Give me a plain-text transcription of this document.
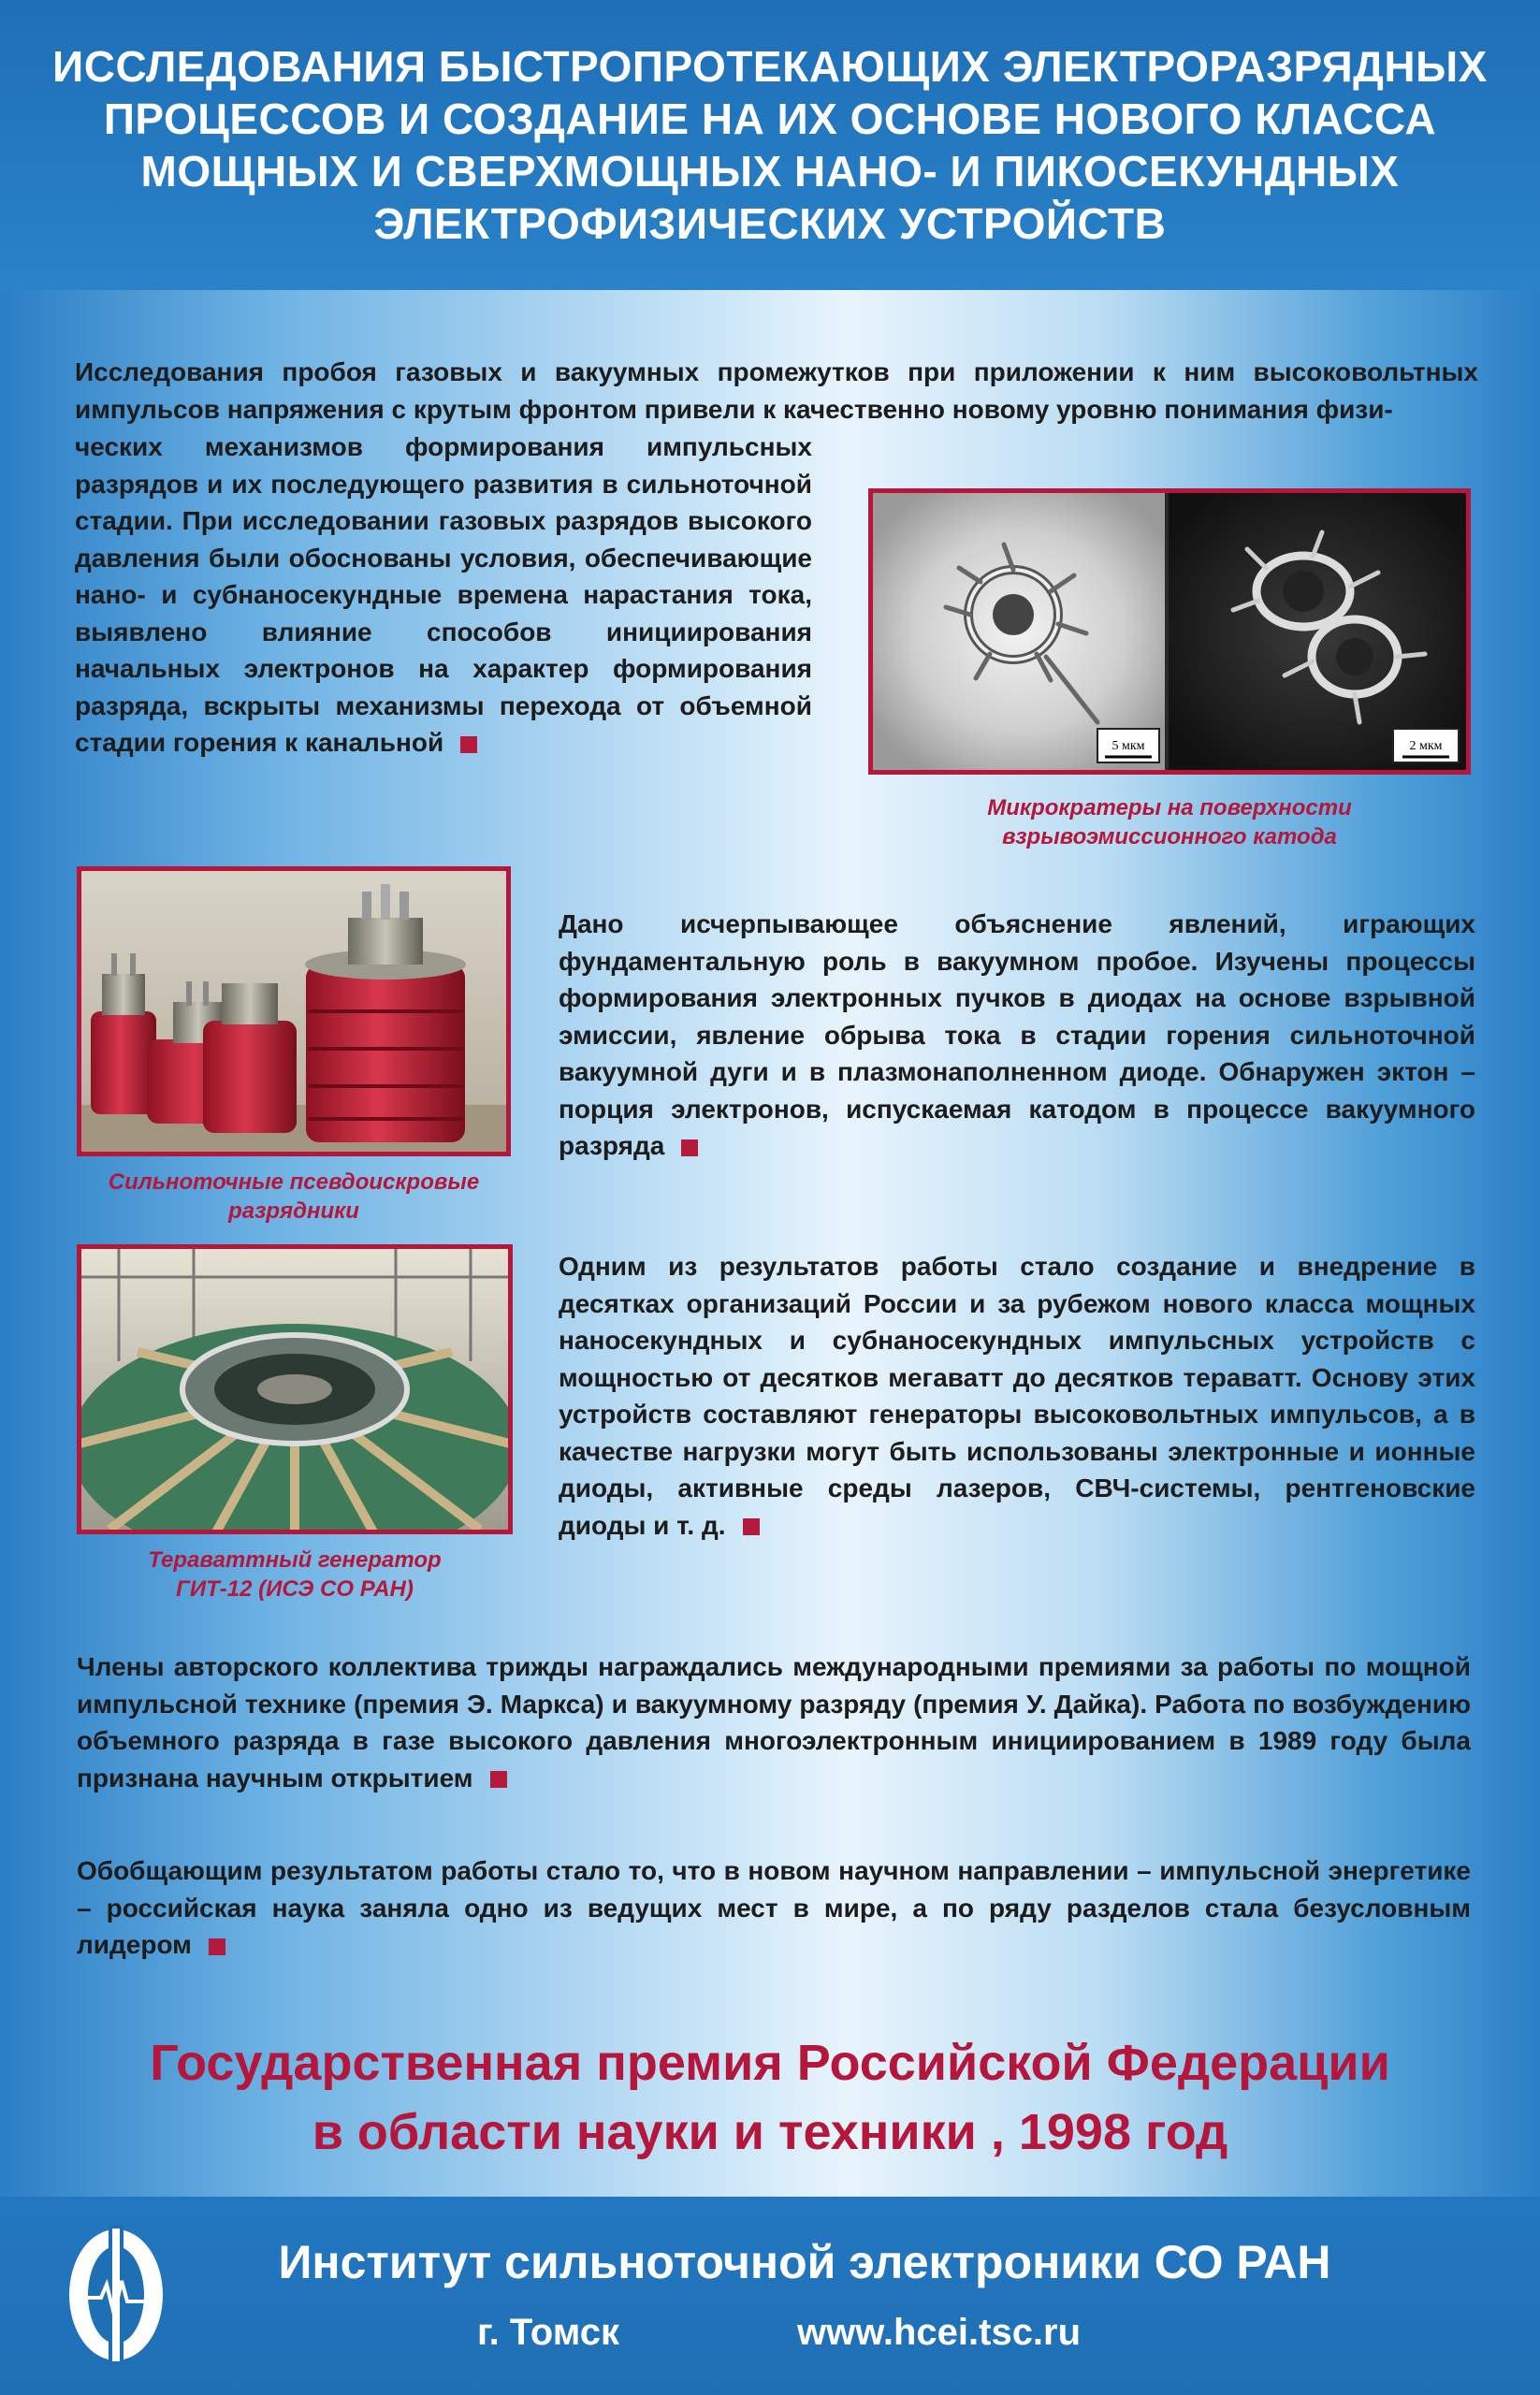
ИССЛЕДОВАНИЯ БЫСТРОПРОТЕКАЮЩИХ ЭЛЕКТРОРАЗРЯДНЫХ ПРОЦЕССОВ И СОЗДАНИЕ НА ИХ ОСНОВЕ НОВОГО КЛАССА МОЩНЫХ И СВЕРХМОЩНЫХ НАНО- И ПИКОСЕКУНДНЫХ ЭЛЕКТРОФИЗИЧЕСКИХ УСТРОЙСТВ
Исследования пробоя газовых и вакуумных промежутков при приложении к ним высоковольтных импульсов напряжения с крутым фронтом привели к качественно новому уровню понимания физи-
ческих механизмов формирования импульсных разрядов и их последующего развития в сильноточной стадии. При исследовании газовых разрядов высокого давления были обоснованы условия, обеспечивающие нано- и субнаносекундные времена нарастания тока, выявлено влияние способов инициирования начальных электронов на характер формирования разряда, вскрыты механизмы перехода от объемной стадии горения к канальной	5 мкм	2 мкм
Микрократеры на поверхности
взрывоэмиссионного катода
Сильноточные псевдоискровые
разрядники
Дано исчерпывающее объяснение явлений, играющих фундаментальную роль в вакуумном пробое. Изучены процессы формирования электронных пучков в диодах на основе взрывной эмиссии, явление обрыва тока в стадии горения сильноточной вакуумной дуги и в плазмонаполненном диоде. Обнаружен эктон – порция электронов, испускаемая катодом в процессе вакуумного разряда
Тераваттный генератор
ГИТ-12 (ИСЭ СО РАН)
Одним из результатов работы стало создание и внедрение в десятках организаций России и за рубежом нового класса мощных наносекундных и субнаносекундных импульсных устройств с мощностью от десятков мегаватт до десятков тераватт. Основу этих устройств составляют генераторы высоковольтных импульсов, а в качестве нагрузки могут быть использованы электронные и ионные диоды, активные среды лазеров, СВЧ-системы, рентгеновские диоды и т. д.
Члены авторского коллектива трижды награждались международными премиями за работы по мощной импульсной технике (премия Э. Маркса) и вакуумному разряду (премия У. Дайка). Работа по возбуждению объемного разряда в газе высокого давления многоэлектронным инициированием в 1989 году была признана научным открытием
Обобщающим результатом работы стало то, что в новом научном направлении – импульсной энергетике – российская наука заняла одно из ведущих мест в мире, а по ряду разделов стала безусловным лидером
Государственная премия Российской Федерации
в области науки и техники , 1998 год
Институт сильноточной электроники СО РАН
г. Томск	www.hcei.tsc.ru
